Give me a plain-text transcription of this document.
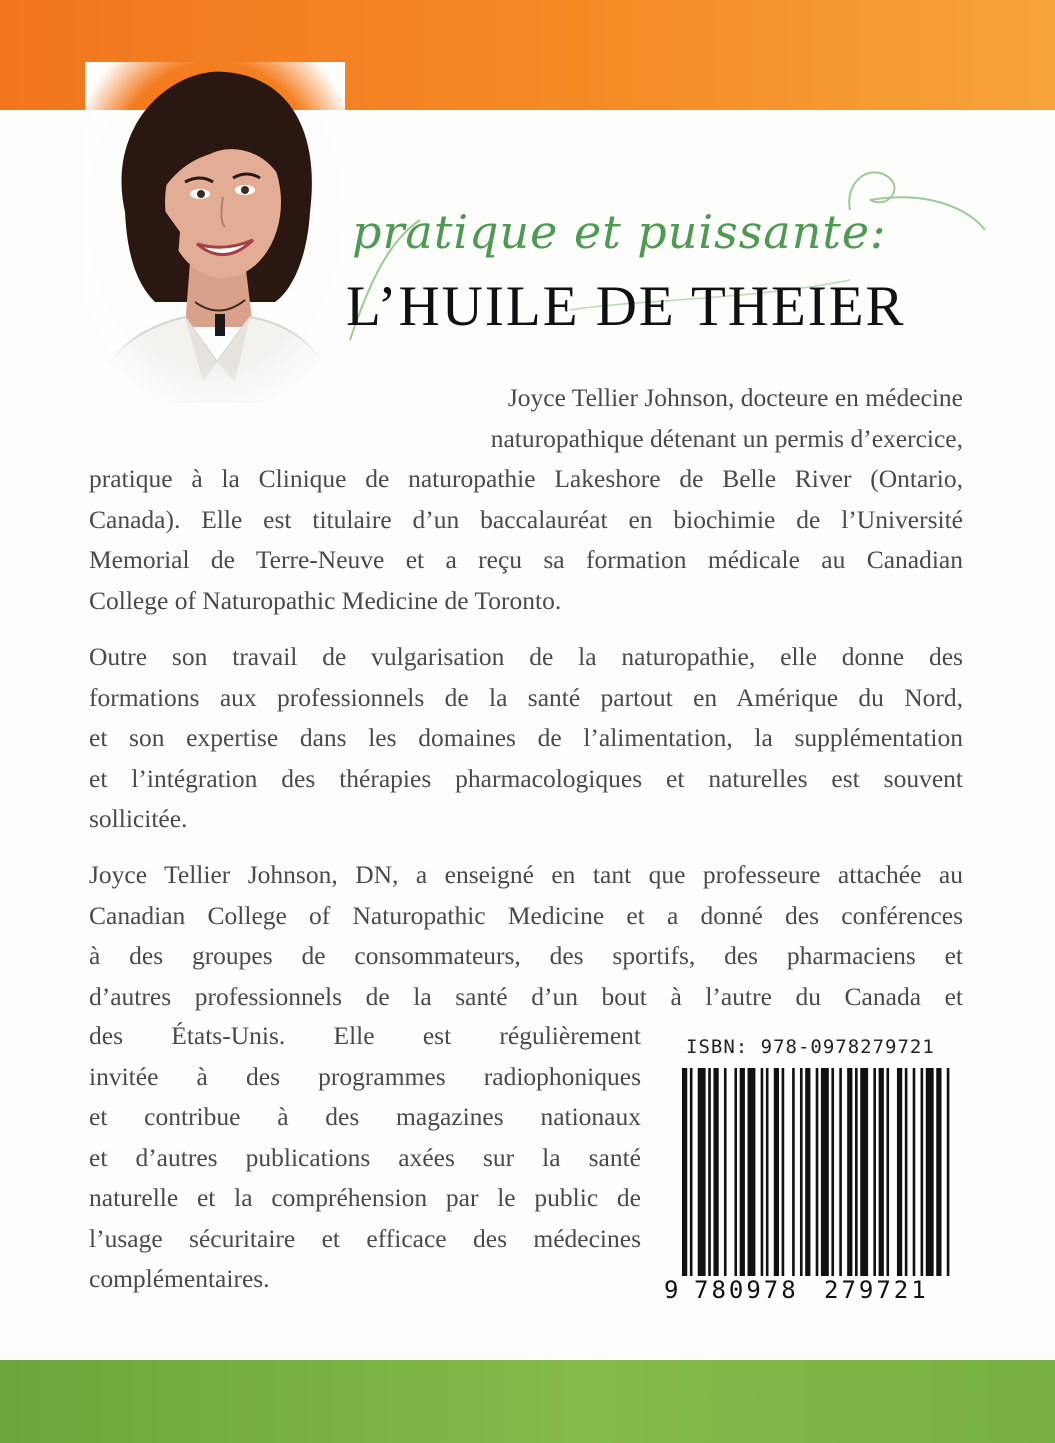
pratique et puissante:
L’HUILE DE THEIER
Joyce Tellier Johnson, docteure en médecine
naturopathique détenant un permis d’exercice,
pratique à la Clinique de naturopathie Lakeshore de Belle River (Ontario,
Canada). Elle est titulaire d’un baccalauréat en biochimie de l’Université
Memorial de Terre-Neuve et a reçu sa formation médicale au Canadian
College of Naturopathic Medicine de Toronto.
Outre son travail de vulgarisation de la naturopathie, elle donne des
formations aux professionnels de la santé partout en Amérique du Nord,
et son expertise dans les domaines de l’alimentation, la supplémentation
et l’intégration des thérapies pharmacologiques et naturelles est souvent
sollicitée.
Joyce Tellier Johnson, DN, a enseigné en tant que professeure attachée au
Canadian College of Naturopathic Medicine et a donné des conférences
à des groupes de consommateurs, des sportifs, des pharmaciens et
d’autres professionnels de la santé d’un bout à l’autre du Canada et
des États-Unis. Elle est régulièrement
invitée à des programmes radiophoniques
et contribue à des magazines nationaux
et d’autres publications axées sur la santé
naturelle et la compréhension par le public de
l’usage sécuritaire et efficace des médecines
complémentaires.
ISBN: 978-0978279721
9 780978 279721
